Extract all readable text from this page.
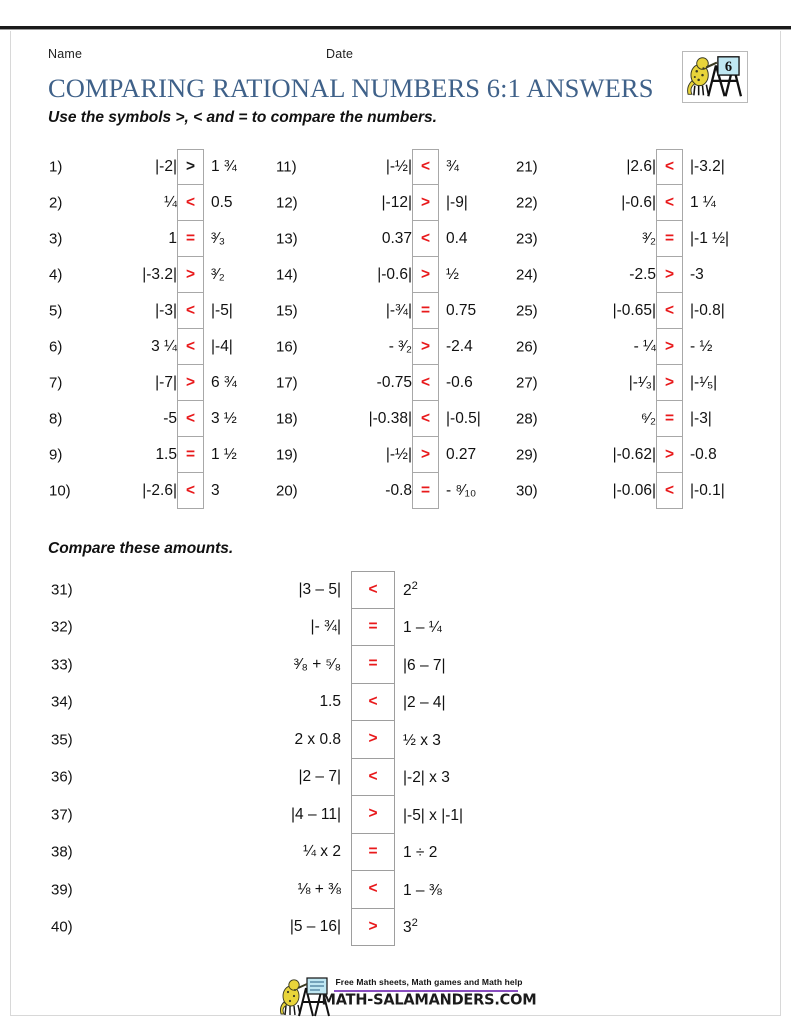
Name	Date
COMPARING RATIONAL NUMBERS 6:1 ANSWERS
Use the symbols >, < and = to compare the numbers.
6
1)	|-2| >	1 ¾
2)	¼ <	0.5
3)	1 =	³⁄₃
4)	|-3.2| >	³⁄₂
5)	|-3| <	|-5|
6)	3 ¼ <	|-4|
7)	|-7| >	6 ¾
8)	-5 <	3 ½
9)	1.5 =	1 ½
10)	|-2.6| <	3
11)	|-½| <	¾
12)	|-12| >	|-9|
13)	0.37 <	0.4
14)	|-0.6| >	½
15)	|-¾| =	0.75
16)	- ³⁄₂ >	-2.4
17)	-0.75 <	-0.6
18)	|-0.38| <	|-0.5|
19)	|-½| >	0.27
20)	-0.8 =	- ⁸⁄₁₀
21)	|2.6| <	|-3.2|
22)	|-0.6| <	1 ¼
23)	³⁄₂ =	|-1 ½|
24)	-2.5 >	-3
25)	|-0.65| <	|-0.8|
26)	- ¼ >	- ½
27)	|-¹⁄₃| >	|-¹⁄₅|
28)	⁶⁄₂ =	|-3|
29)	|-0.62| >	-0.8
30)	|-0.06| <	|-0.1|
Compare these amounts.
31)	|3 – 5|	<	$2^2$
32)	|- ¾|	=	1 – ¼
33)	³⁄₈ + ⁵⁄₈	=	|6 – 7|
34)	1.5	<	|2 – 4|
35)	2 x 0.8	>	½ x 3
36)	|2 – 7|	<	|-2| x 3
37)	|4 – 11|	>	|-5| x |-1|
38)	¼ x 2	=	1 ÷ 2
39)	⅛ + ⅜	<	1 – ⅜
40)	|5 – 16|	>	$3^2$
Free Math sheets, Math games and Math help
MATH-SALAMANDERS.COM
